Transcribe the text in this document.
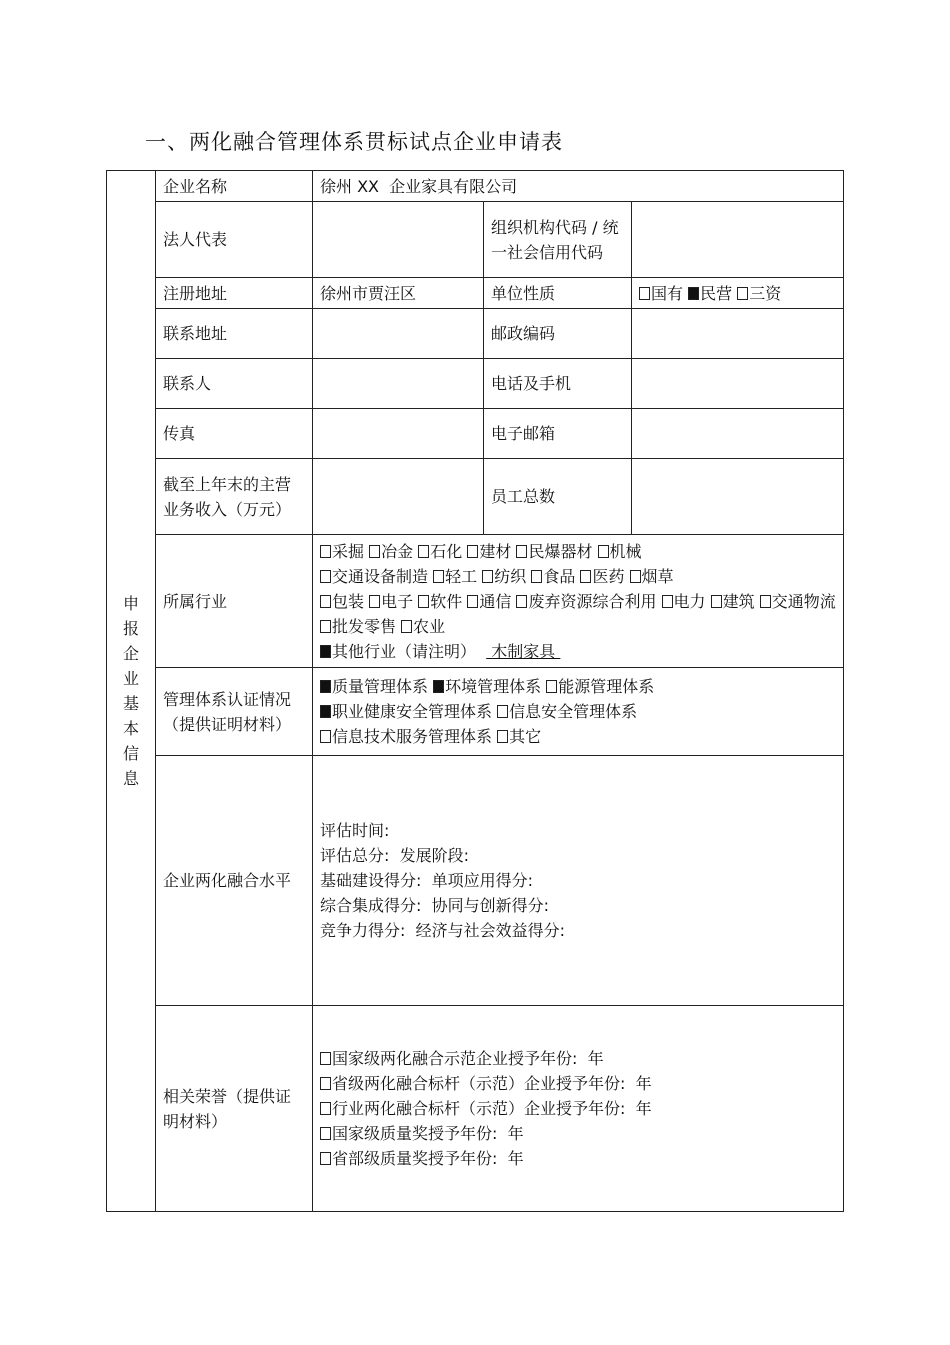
一、两化融合管理体系贯标试点企业申请表
申报企业基本信息	企业名称	徐州 XX  企业家具有限公司		
	法人代表		组织机构代码 / 统一社会信用代码	
	注册地址	徐州市贾汪区	单位性质	国有 民营 三资
	联系地址		邮政编码	
	联系人		电话及手机	
	传真		电子邮箱	
	截至上年末的主营业务收入（万元）		员工总数	
	所属行业	采掘 冶金 石化 建材 民爆器材 机械
交通设备制造 轻工 纺织 食品 医药 烟草
包装 电子 软件 通信 废弃资源综合利用 电力 建筑 交通物流 批发零售 农业
其他行业（请注明）   木制家具		

	管理体系认证情况（提供证明材料）	质量管理体系 环境管理体系 能源管理体系
职业健康安全管理体系 信息安全管理体系
信息技术服务管理体系 其它		

	企业两化融合水平	评估时间:
评估总分:  发展阶段:
基础建设得分:  单项应用得分:
综合集成得分:  协同与创新得分:
竞争力得分:  经济与社会效益得分:		

	相关荣誉（提供证明材料）	国家级两化融合示范企业授予年份:  年
省级两化融合标杆（示范）企业授予年份:  年
行业两化融合标杆（示范）企业授予年份:  年
国家级质量奖授予年份:  年
省部级质量奖授予年份:  年		
